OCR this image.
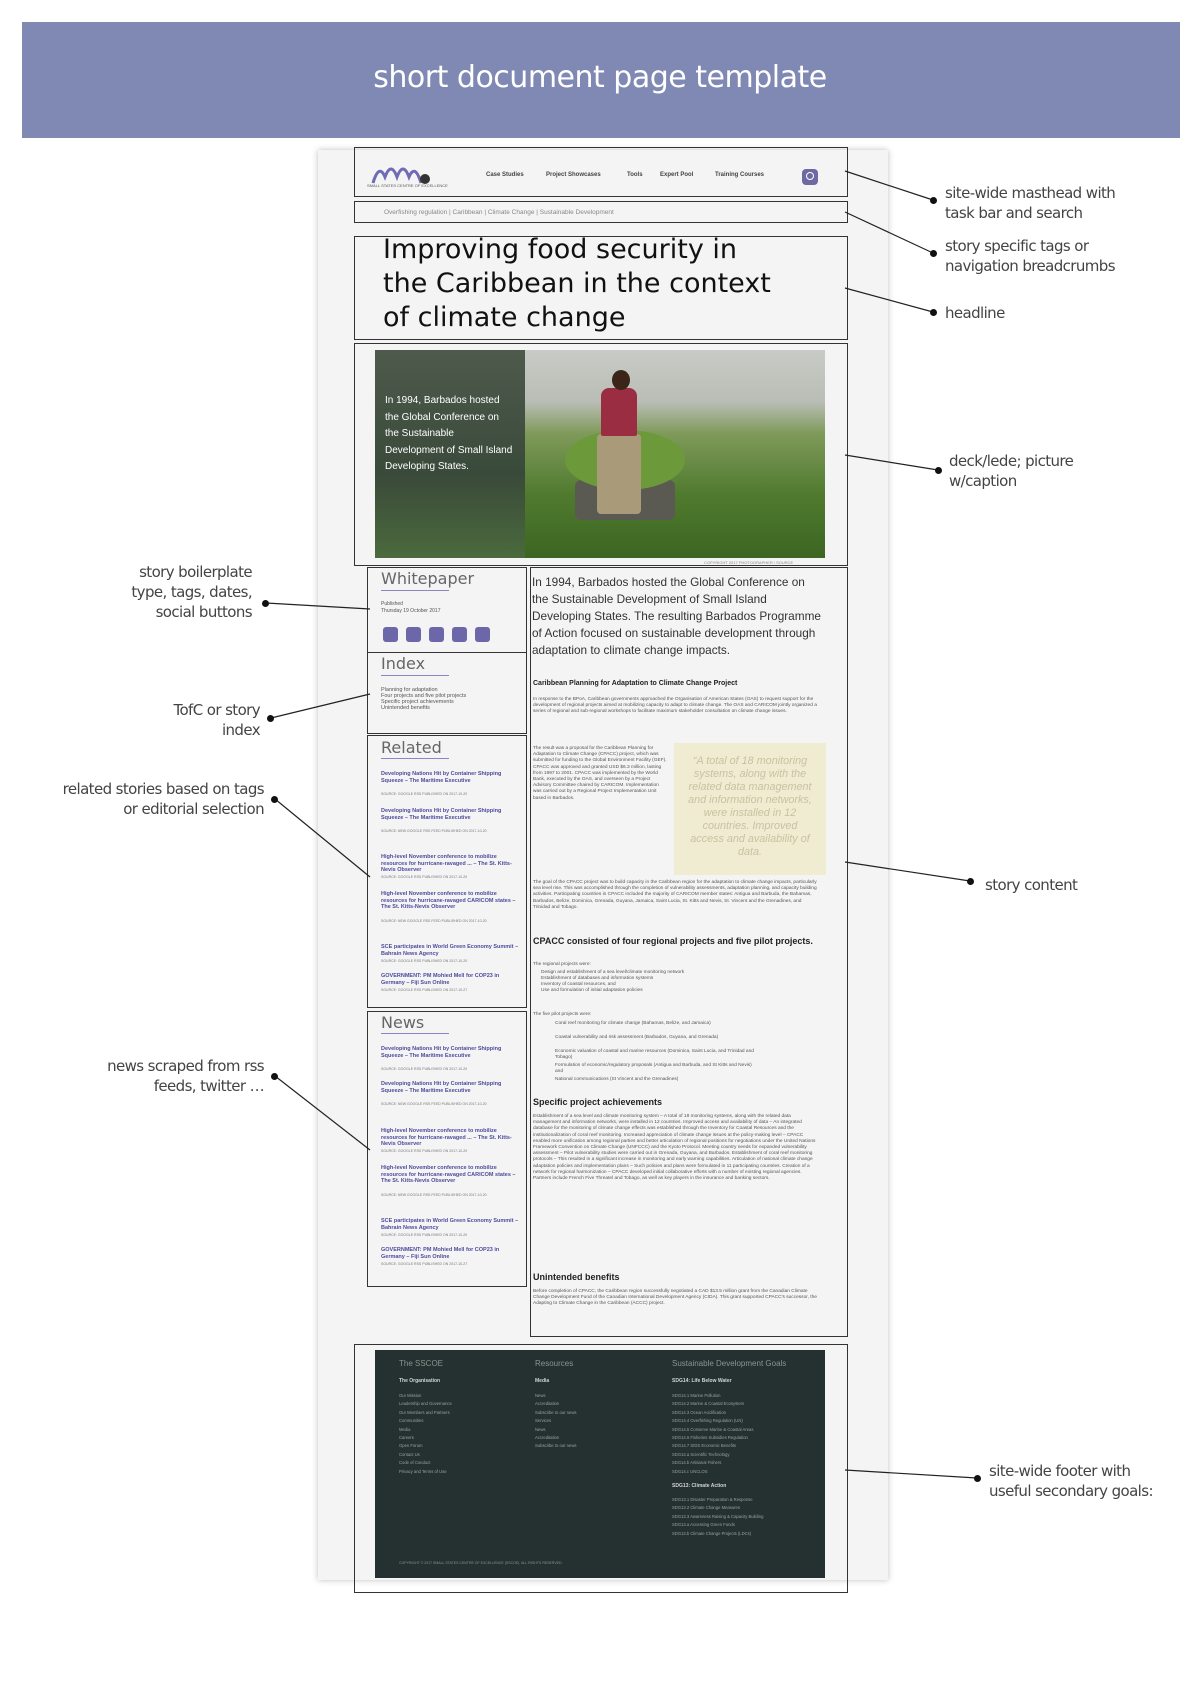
short document page template
SMALL STATES CENTRE OF EXCELLENCE
Case Studies	Project Showcases	Tools	Expert Pool	Training Courses
Overfishing regulation | Caribbean | Climate Change | Sustainable Development
Improving food security in the Caribbean in the context of climate change
In 1994, Barbados hosted the Global Conference on the Sustainable Development of Small Island Developing States.
COPYRIGHT 2017 PHOTOGRAPHER / SOURCE
Whitepaper
Published
Thursday 19 October 2017
Index
Planning for adaptation
Four projects and five pilot projects
Specific project achievements
Unintended benefits
Related
Developing Nations Hit by Container Shipping Squeeze – The Maritime Executive
SOURCE: GOOGLE RSS PUBLISHED ON 2017-10-20
Developing Nations Hit by Container Shipping Squeeze – The Maritime Executive
SOURCE: NEW GOOGLE RSS FEED PUBLISHED ON 2017-10-20
High-level November conference to mobilize resources for hurricane-ravaged ... – The St. Kitts-Nevis Observer
SOURCE: GOOGLE RSS PUBLISHED ON 2017-10-20
High-level November conference to mobilize resources for hurricane-ravaged CARICOM states – The St. Kitts-Nevis Observer
SOURCE: NEW GOOGLE RSS FEED PUBLISHED ON 2017-10-20
SCE participates in World Green Economy Summit – Bahrain News Agency
SOURCE: GOOGLE RSS PUBLISHED ON 2017-10-20
GOVERNMENT: PM Mohied Mell for COP23 in Germany – Fiji Sun Online
SOURCE: GOOGLE RSS PUBLISHED ON 2017-10-27
News
Developing Nations Hit by Container Shipping Squeeze – The Maritime Executive
SOURCE: GOOGLE RSS PUBLISHED ON 2017-10-20
Developing Nations Hit by Container Shipping Squeeze – The Maritime Executive
SOURCE: NEW GOOGLE RSS FEED PUBLISHED ON 2017-10-20
High-level November conference to mobilize resources for hurricane-ravaged ... – The St. Kitts-Nevis Observer
SOURCE: GOOGLE RSS PUBLISHED ON 2017-10-20
High-level November conference to mobilize resources for hurricane-ravaged CARICOM states – The St. Kitts-Nevis Observer
SOURCE: NEW GOOGLE RSS FEED PUBLISHED ON 2017-10-20
SCE participates in World Green Economy Summit – Bahrain News Agency
SOURCE: GOOGLE RSS PUBLISHED ON 2017-10-20
GOVERNMENT: PM Mohied Mell for COP23 in Germany – Fiji Sun Online
SOURCE: GOOGLE RSS PUBLISHED ON 2017-10-27
In 1994, Barbados hosted the Global Conference on the Sustainable Development of Small Island Developing States. The resulting Barbados Programme of Action focused on sustainable development through adaptation to climate change impacts.
Caribbean Planning for Adaptation to Climate Change Project
In response to the BPoA, Caribbean governments approached the Organisation of American States (OAS) to request support for the development of regional projects aimed at mobilizing capacity to adapt to climate change. The OAS and CARICOM jointly organized a series of regional and sub-regional workshops to facilitate maximum stakeholder consultation on climate change issues.
The result was a proposal for the Caribbean Planning for Adaptation to Climate Change (CPACC) project, which was submitted for funding to the Global Environment Facility (GEF). CPACC was approved and granted USD $6.3 million, lasting from 1997 to 2001. CPACC was implemented by the World Bank, executed by the OAS, and overseen by a Project Advisory Committee chaired by CARICOM. Implementation was carried out by a Regional Project Implementation Unit based in Barbados.
“A total of 18 monitoring systems, along with the related data management and information networks, were installed in 12 countries. Improved access and availability of data.
The goal of the CPACC project was to build capacity in the Caribbean region for the adaptation to climate change impacts, particularly sea level rise. This was accomplished through the completion of vulnerability assessments, adaptation planning, and capacity building activities. Participating countries in CPACC included the majority of CARICOM member states: Antigua and Barbuda, the Bahamas, Barbados, Belize, Dominica, Grenada, Guyana, Jamaica, Saint Lucia, St. Kitts and Nevis, St. Vincent and the Grenadines, and Trinidad and Tobago.
CPACC consisted of four regional projects and five pilot projects.
The regional projects were:
Design and establishment of a sea level/climate monitoring network
Establishment of databases and information systems
Inventory of coastal resources, and
Use and formulation of initial adaptation policies
The five pilot projects were:
Coral reef monitoring for climate change (Bahamas, Belize, and Jamaica)
Coastal vulnerability and risk assessment (Barbados, Guyana, and Grenada)
Economic valuation of coastal and marine resources (Dominica, Saint Lucia, and Trinidad and Tobago)
Formulation of economic/regulatory proposals (Antigua and Barbuda, and St Kitts and Nevis) and
National communications (St Vincent and the Grenadines)
Specific project achievements
Establishment of a sea level and climate monitoring system – A total of 18 monitoring systems, along with the related data management and information networks, were installed in 12 countries. Improved access and availability of data – An integrated database for the monitoring of climate change effects was established through the Inventory for Coastal Resources and the institutionalization of coral reef monitoring. Increased appreciation of climate change issues at the policy-making level – CPACC enabled more unification among regional parties and better articulation of regional positions for negotiations under the United Nations Framework Convention on Climate Change (UNFCCC) and the Kyoto Protocol. Meeting country needs for expanded vulnerability assessment – Pilot vulnerability studies were carried out in Grenada, Guyana, and Barbados. Establishment of coral reef monitoring protocols – This resulted in a significant increase in monitoring and early warning capabilities. Articulation of national climate change adaptation policies and implementation plans – Such policies and plans were formulated in 11 participating countries. Creation of a network for regional harmonization – CPACC developed initial collaborative efforts with a number of existing regional agencies. Partners include French Five Threatel and Tobago, as well as key players in the insurance and banking sectors.
Unintended benefits
Before completion of CPACC, the Caribbean region successfully negotiated a CAD $13.5 million grant from the Canadian Climate Change Development Fund of the Canadian International Development Agency (CIDA). This grant supported CPACC's successor, the Adapting to Climate Change in the Caribbean (ACCC) project.
The SSCOE	Resources	Sustainable Development Goals
The Organisation	Media	SDG14: Life Below Water
Our Mission
Leadership and Governance
Our Members and Partners
Communities
Media
Careers
Open Forum
Contact Us
Code of Conduct
Privacy and Terms of Use
News
Accreditation
Subscribe to our news
Services
News
Accreditation
Subscribe to our news
SDG14.1 Marine Pollution
SDG14.2 Marine & Coastal Ecosystem
SDG14.3 Ocean Acidification
SDG14.4 Overfishing Regulation (UN)
SDG14.5 Conserve Marine & Coastal Areas
SDG14.6 Fisheries Subsidies Regulation
SDG14.7 SIDS Economic Benefits
SDG14.a Scientific Technology
SDG14.b Artisanal Fishers
SDG14.c UNCLOS
SDG13: Climate Action
SDG13.1 Disaster Preparation & Response
SDG13.2 Climate Change Measures
SDG13.3 Awareness Raising & Capacity Building
SDG13.a Accessing Green Funds
SDG13.b Climate Change Projects (LDCs)
COPYRIGHT © 2017 SMALL STATES CENTRE OF EXCELLENCE (SSCOE). ALL RIGHTS RESERVED.
site-wide masthead with task bar and search
story specific tags or navigation breadcrumbs
headline
deck/lede; picture w/caption
story boilerplate type, tags, dates, social buttons
TofC or story index
related stories based on tags or editorial selection
story content
news scraped from rss feeds, twitter …
site-wide footer with useful secondary goals:
